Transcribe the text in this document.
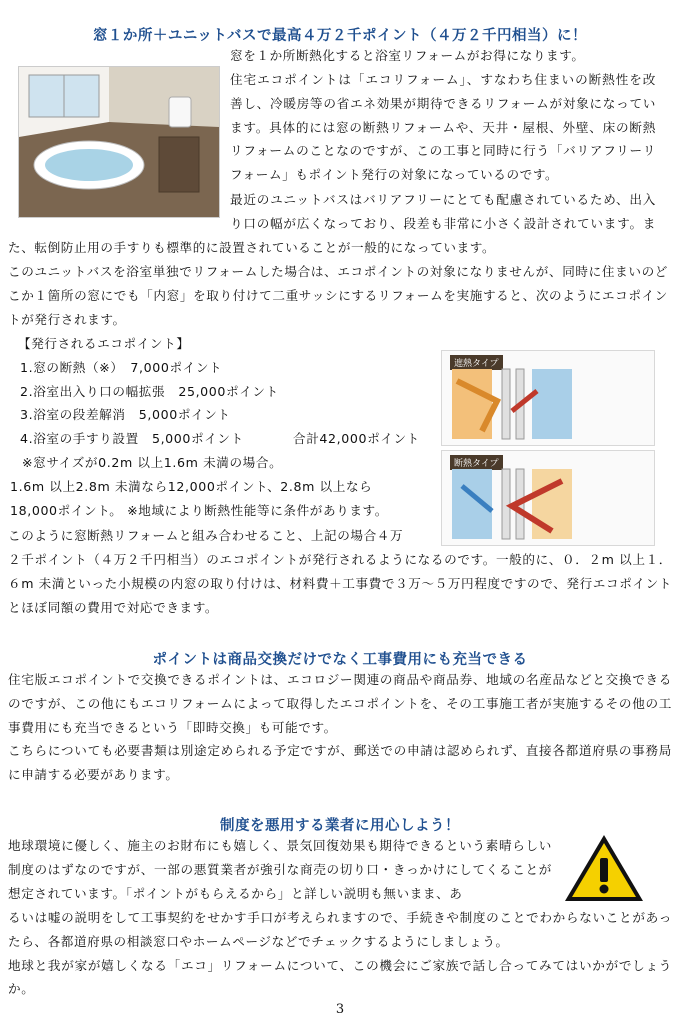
窓１か所＋ユニットバスで最高４万２千ポイント（４万２千円相当）に！

窓を１か所断熱化すると浴室リフォームがお得になります。

住宅エコポイントは「エコリフォーム」、すなわち住まいの断熱性を改善し、冷暖房等の省エネ効果が期待できるリフォームが対象になっています。具体的には窓の断熱リフォームや、天井・屋根、外壁、床の断熱リフォームのことなのですが、この工事と同時に行う「バリアフリーリフォーム」もポイント発行の対象になっているのです。

最近のユニットバスはバリアフリーにとても配慮されているため、出入り口の幅が広くなっており、段差も非常に小さく設計されています。ま

た、転倒防止用の手すりも標準的に設置されていることが一般的になっています。

このユニットバスを浴室単独でリフォームした場合は、エコポイントの対象になりませんが、同時に住まいのどこか１箇所の窓にでも「内窓」を取り付けて二重サッシにするリフォームを実施すると、次のようにエコポイントが発行されます。

【発行されるエコポイント】

1.窓の断熱（※）　7,000ポイント

2.浴室出入り口の幅拡張　25,000ポイント

3.浴室の段差解消　5,000ポイント

4.浴室の手すり設置　5,000ポイント	合計42,000ポイント

※窓サイズが0.2m 以上1.6m 未満の場合。

1.6m 以上2.8m 未満なら12,000ポイント、2.8m 以上なら

18,000ポイント。 ※地域により断熱性能等に条件があります。

遮熱タイプ
断熱タイプ

このように窓断熱リフォームと組み合わせること、上記の場合４万

２千ポイント（４万２千円相当）のエコポイントが発行されるようになるのです。一般的に、０．２m 以上１．６m 未満といった小規模の内窓の取り付けは、材料費＋工事費で３万～５万円程度ですので、発行エコポイントとほぼ同額の費用で対応できます。

ポイントは商品交換だけでなく工事費用にも充当できる

住宅版エコポイントで交換できるポイントは、エコロジー関連の商品や商品券、地域の名産品などと交換できるのですが、この他にもエコリフォームによって取得したエコポイントを、その工事施工者が実施するその他の工事費用にも充当できるという「即時交換」も可能です。

こちらについても必要書類は別途定められる予定ですが、郵送での申請は認められず、直接各都道府県の事務局に申請する必要があります。

制度を悪用する業者に用心しよう！

地球環境に優しく、施主のお財布にも嬉しく、景気回復効果も期待できるという素晴らしい制度のはずなのですが、一部の悪質業者が強引な商売の切り口・きっかけにしてくることが想定されています。「ポイントがもらえるから」と詳しい説明も無いまま、あ

るいは嘘の説明をして工事契約をせかす手口が考えられますので、手続きや制度のことでわからないことがあったら、各都道府県の相談窓口やホームページなどでチェックするようにしましょう。

地球と我が家が嬉しくなる「エコ」リフォームについて、この機会にご家族で話し合ってみてはいかがでしょうか。

3
